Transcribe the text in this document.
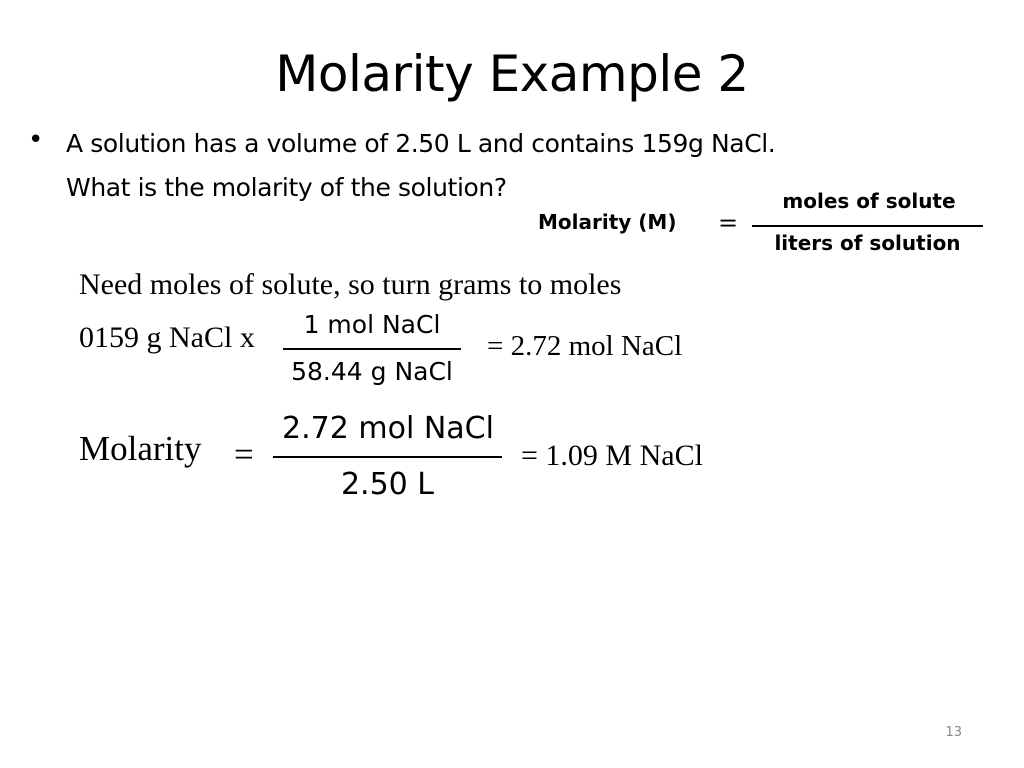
Molarity Example 2
• A solution has a volume of 2.50 L and contains 159g NaCl.
What is the molarity of the solution?
Molarity (M) =
moles of solute
liters of solution
Need moles of solute, so turn grams to moles
0159 g NaCl x	1 mol NaCl
58.44 g NaCl
= 2.72 mol NaCl
Molarity =
2.72 mol NaCl
2.50 L
= 1.09 M NaCl
13
